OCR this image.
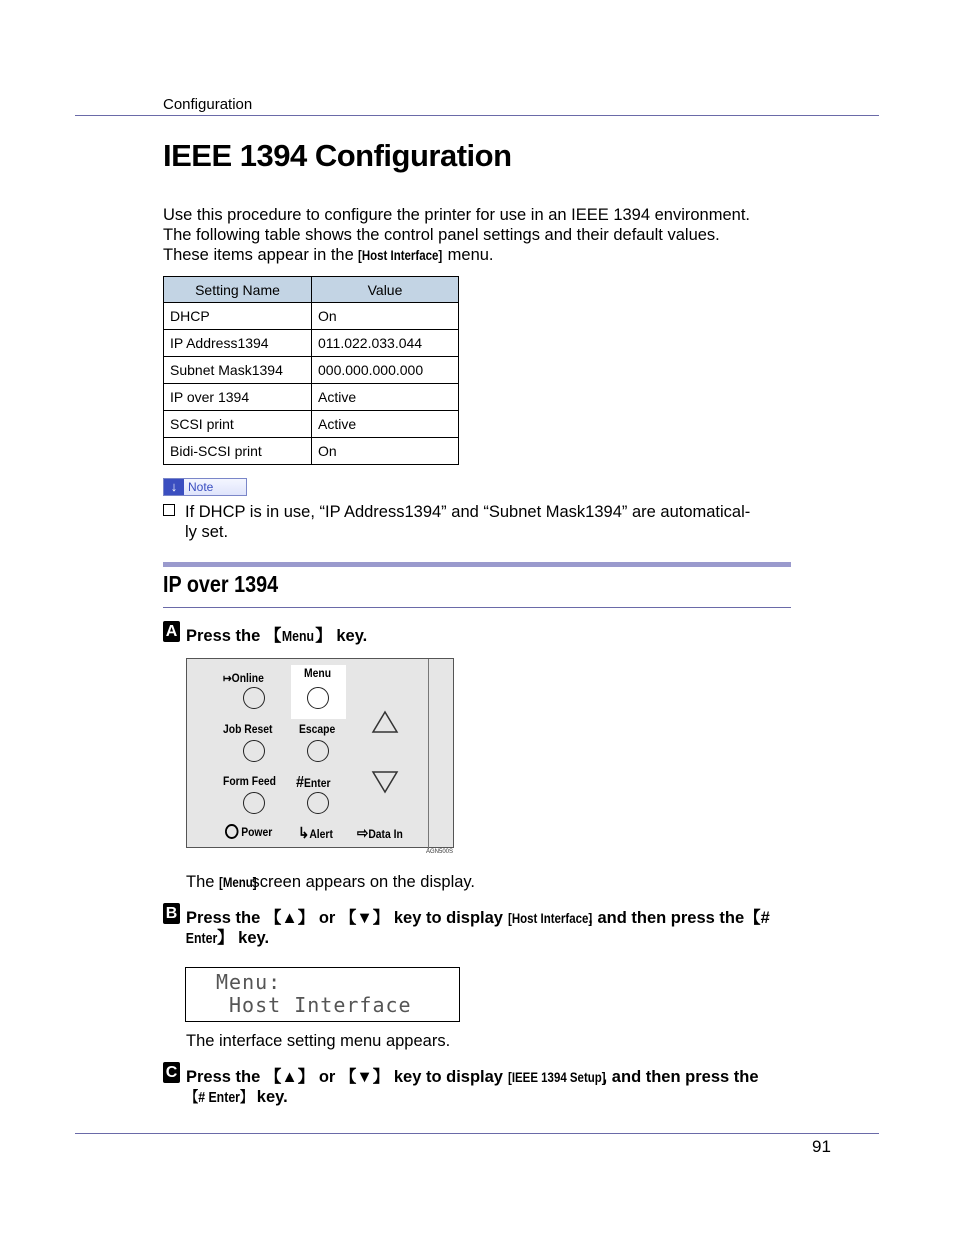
Configuration
IEEE 1394 Configuration

Use this procedure to configure the printer for use in an IEEE 1394 environment.

The following table shows the control panel settings and their default values.

These items appear in the [Host Interface] menu.

Setting Name	Value
DHCP	On
IP Address1394	011.022.033.044
Subnet Mask1394	000.000.000.000
IP over 1394	Active
SCSI print	Active
Bidi-SCSI print	On
↓ Note
If DHCP is in use, “IP Address1394” and “Subnet Mask1394” are automatical-
ly set.
IP over 1394
A Press the 【Menu】 key.
↦Online	Menu
Job Reset Escape
Form Feed #Enter
Power ↳Alert ⇨Data In
AGN500S
The [Menu] screen appears on the display.
B Press the 【▲】 or 【▼】 key to display [Host Interface], and then press the【#
Enter】 key.
Menu:
Host Interface
The interface setting menu appears.
C Press the 【▲】 or 【▼】 key to display [IEEE 1394 Setup], and then press the
【# Enter】 key.
91
